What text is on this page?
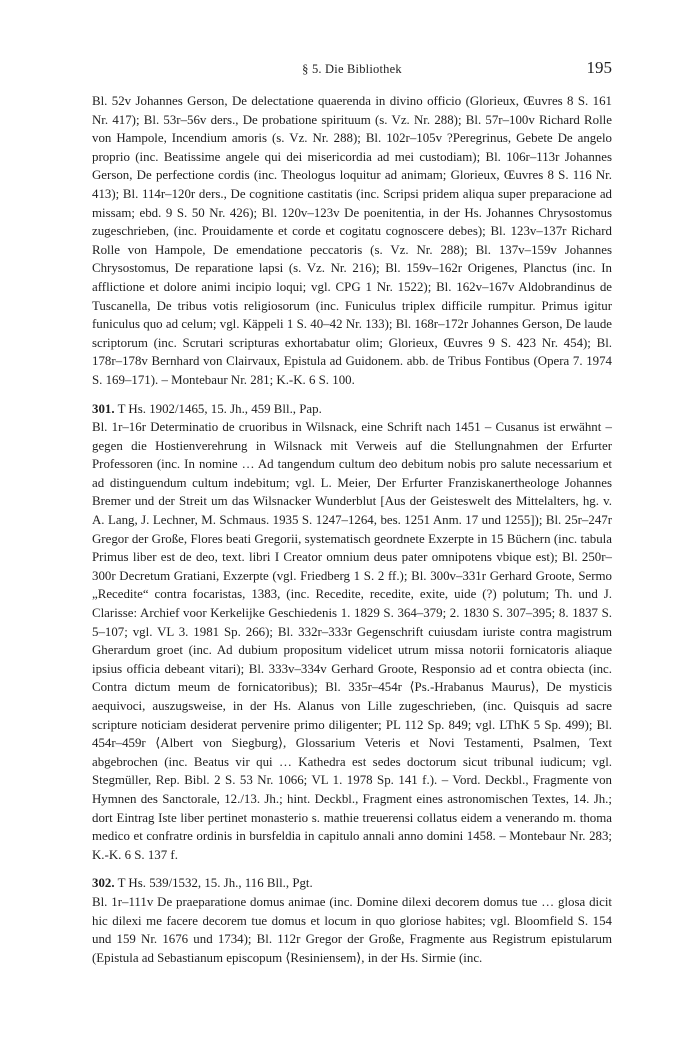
§ 5. Die Bibliothek	195

Bl. 52v Johannes Gerson, De delectatione quaerenda in divino officio (Glorieux, Œuvres 8 S. 161 Nr. 417); Bl. 53r–56v ders., De probatione spirituum (s. Vz. Nr. 288); Bl. 57r–100v Richard Rolle von Hampole, Incendium amoris (s. Vz. Nr. 288); Bl. 102r–105v ?Peregrinus, Gebete De angelo proprio (inc. Beatissime angele qui dei misericordia ad mei custodiam); Bl. 106r–113r Johannes Gerson, De perfectione cordis (inc. Theologus loquitur ad animam; Glorieux, Œuvres 8 S. 116 Nr. 413); Bl. 114r–120r ders., De cognitione castitatis (inc. Scripsi pridem aliqua super preparacione ad missam; ebd. 9 S. 50 Nr. 426); Bl. 120v–123v De poenitentia, in der Hs. Johannes Chrysostomus zugeschrieben, (inc. Prouidamente et corde et cogitatu cognoscere debes); Bl. 123v–137r Richard Rolle von Hampole, De emendatione peccatoris (s. Vz. Nr. 288); Bl. 137v–159v Johannes Chrysostomus, De reparatione lapsi (s. Vz. Nr. 216); Bl. 159v–162r Origenes, Planctus (inc. In afflictione et dolore animi incipio loqui; vgl. CPG 1 Nr. 1522); Bl. 162v–167v Aldobrandinus de Tuscanella, De tribus votis religiosorum (inc. Funiculus triplex difficile rumpitur. Primus igitur funiculus quo ad celum; vgl. Käppeli 1 S. 40–42 Nr. 133); Bl. 168r–172r Johannes Gerson, De laude scriptorum (inc. Scrutari scripturas exhortabatur olim; Glorieux, Œuvres 9 S. 423 Nr. 454); Bl. 178r–178v Bernhard von Clairvaux, Epistula ad Guidonem. abb. de Tribus Fontibus (Opera 7. 1974 S. 169–171). – Montebaur Nr. 281; K.-K. 6 S. 100.

301. T Hs. 1902/1465, 15. Jh., 459 Bll., Pap.

Bl. 1r–16r Determinatio de cruoribus in Wilsnack, eine Schrift nach 1451 – Cusanus ist erwähnt – gegen die Hostienverehrung in Wilsnack mit Verweis auf die Stellungnahmen der Erfurter Professoren (inc. In nomine … Ad tangendum cultum deo debitum nobis pro salute necessarium et ad distinguendum cultum indebitum; vgl. L. Meier, Der Erfurter Franziskanertheologe Johannes Bremer und der Streit um das Wilsnacker Wunderblut [Aus der Geisteswelt des Mittelalters, hg. v. A. Lang, J. Lechner, M. Schmaus. 1935 S. 1247–1264, bes. 1251 Anm. 17 und 1255]); Bl. 25r–247r Gregor der Große, Flores beati Gregorii, systematisch geordnete Exzerpte in 15 Büchern (inc. tabula Primus liber est de deo, text. libri I Creator omnium deus pater omnipotens vbique est); Bl. 250r–300r Decretum Gratiani, Exzerpte (vgl. Friedberg 1 S. 2 ff.); Bl. 300v–331r Gerhard Groote, Sermo „Recedite“ contra focaristas, 1383, (inc. Recedite, recedite, exite, uide (?) polutum; Th. und J. Clarisse: Archief voor Kerkelijke Geschiedenis 1. 1829 S. 364–379; 2. 1830 S. 307–395; 8. 1837 S. 5–107; vgl. VL 3. 1981 Sp. 266); Bl. 332r–333r Gegenschrift cuiusdam iuriste contra magistrum Gherardum groet (inc. Ad dubium propositum videlicet utrum missa notorii fornicatoris aliaque ipsius officia debeant vitari); Bl. 333v–334v Gerhard Groote, Responsio ad et contra obiecta (inc. Contra dictum meum de fornicatoribus); Bl. 335r–454r ⟨Ps.-Hrabanus Maurus⟩, De mysticis aequivoci, auszugsweise, in der Hs. Alanus von Lille zugeschrieben, (inc. Quisquis ad sacre scripture noticiam desiderat pervenire primo diligenter; PL 112 Sp. 849; vgl. LThK 5 Sp. 499); Bl. 454r–459r ⟨Albert von Siegburg⟩, Glossarium Veteris et Novi Testamenti, Psalmen, Text abgebrochen (inc. Beatus vir qui … Kathedra est sedes doctorum sicut tribunal iudicum; vgl. Stegmüller, Rep. Bibl. 2 S. 53 Nr. 1066; VL 1. 1978 Sp. 141 f.). – Vord. Deckbl., Fragmente von Hymnen des Sanctorale, 12./13. Jh.; hint. Deckbl., Fragment eines astronomischen Textes, 14. Jh.; dort Eintrag Iste liber pertinet monasterio s. mathie treuerensi collatus eidem a venerando m. thoma medico et confratre ordinis in bursfeldia in capitulo annali anno domini 1458. – Montebaur Nr. 283; K.-K. 6 S. 137 f.

302. T Hs. 539/1532, 15. Jh., 116 Bll., Pgt.

Bl. 1r–111v De praeparatione domus animae (inc. Domine dilexi decorem domus tue … glosa dicit hic dilexi me facere decorem tue domus et locum in quo gloriose habites; vgl. Bloomfield S. 154 und 159 Nr. 1676 und 1734); Bl. 112r Gregor der Große, Fragmente aus Registrum epistularum (Epistula ad Sebastianum episcopum ⟨Resiniensem⟩, in der Hs. Sirmie (inc.
